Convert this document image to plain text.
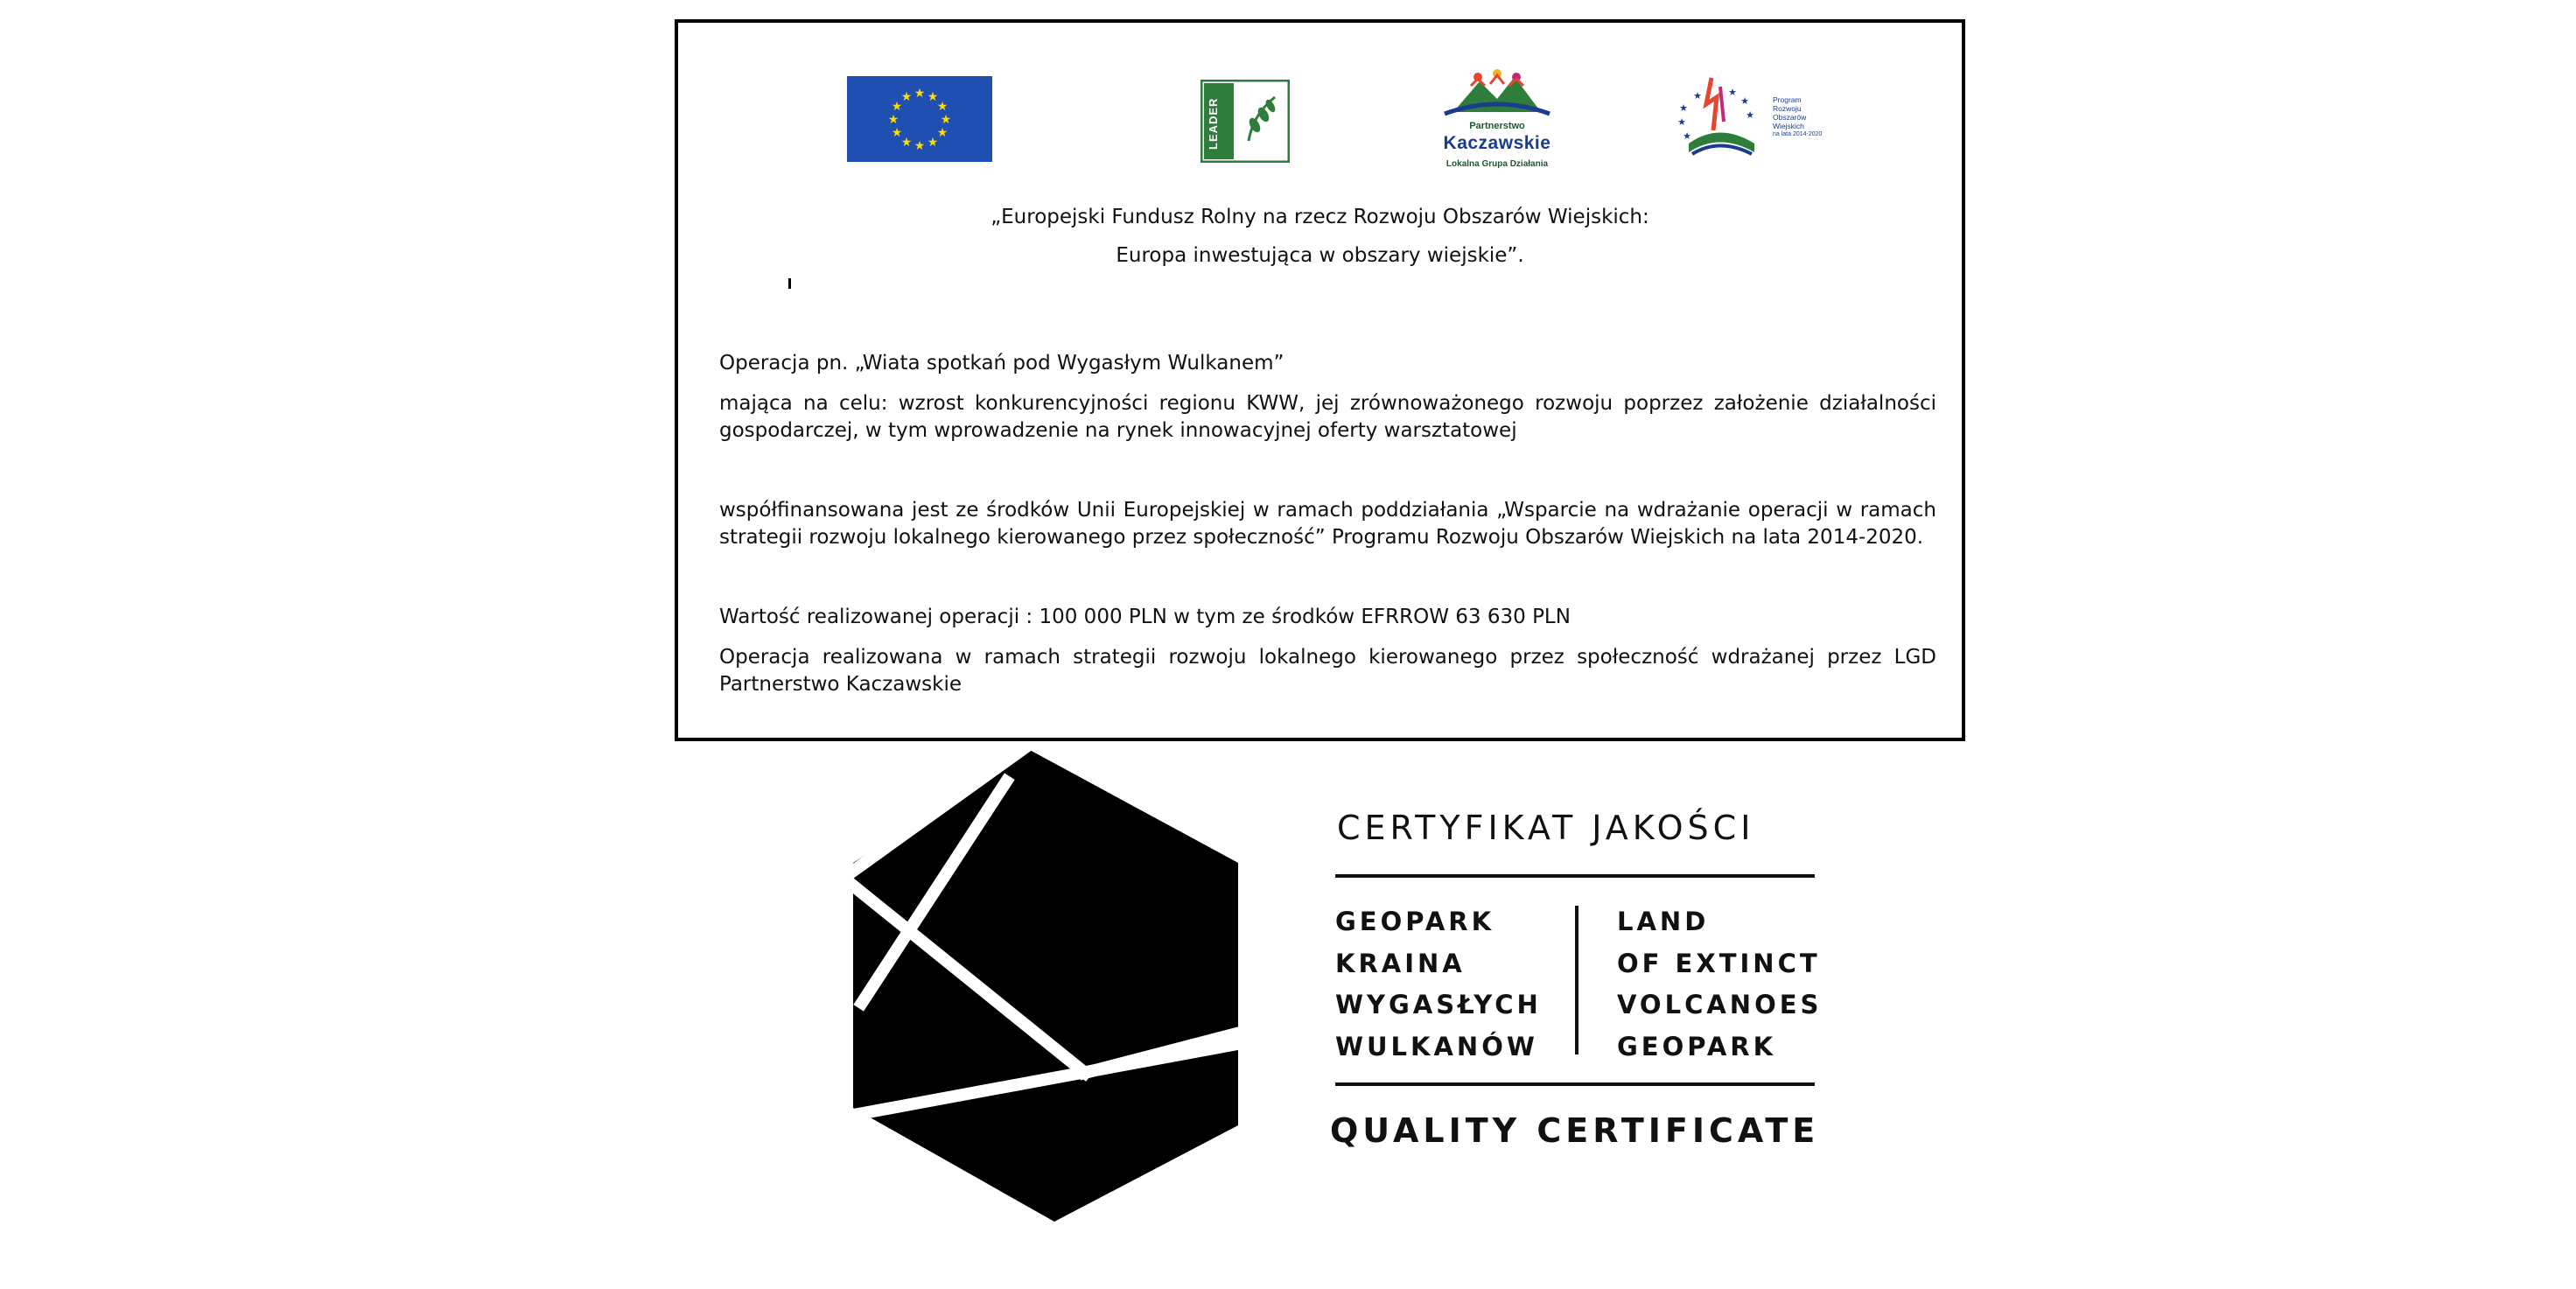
★ ★
★
★
★
★
★
★
★
★
★
★
LEADER	Partnerstwo
Kaczawskie
Lokalna Grupa Działania
★
★
★
★	★
★
★
Program
Rozwoju
Obszarów
Wiejskich
na lata 2014-2020
„Europejski Fundusz Rolny na rzecz Rozwoju Obszarów Wiejskich:
Europa inwestująca w obszary wiejskie”.
Operacja pn. „Wiata spotkań pod Wygasłym Wulkanem”
mająca na celu: wzrost konkurencyjności regionu KWW, jej zrównoważonego rozwoju poprzez założenie działalności gospodarczej, w tym wprowadzenie na rynek innowacyjnej oferty warsztatowej
współfinansowana jest ze środków Unii Europejskiej w ramach poddziałania „Wsparcie na wdrażanie operacji w ramach strategii rozwoju lokalnego kierowanego przez społeczność” Programu Rozwoju Obszarów Wiejskich na lata 2014-2020.
Wartość realizowanej operacji : 100 000 PLN w tym ze środków EFRROW 63 630 PLN
Operacja realizowana w ramach strategii rozwoju lokalnego kierowanego przez społeczność wdrażanej przez LGD Partnerstwo Kaczawskie
CERTYFIKAT JAKOŚCI
GEOPARK
KRAINA
WYGASŁYCH
WULKANÓW
LAND
OF EXTINCT
VOLCANOES
GEOPARK
QUALITY CERTIFICATE
